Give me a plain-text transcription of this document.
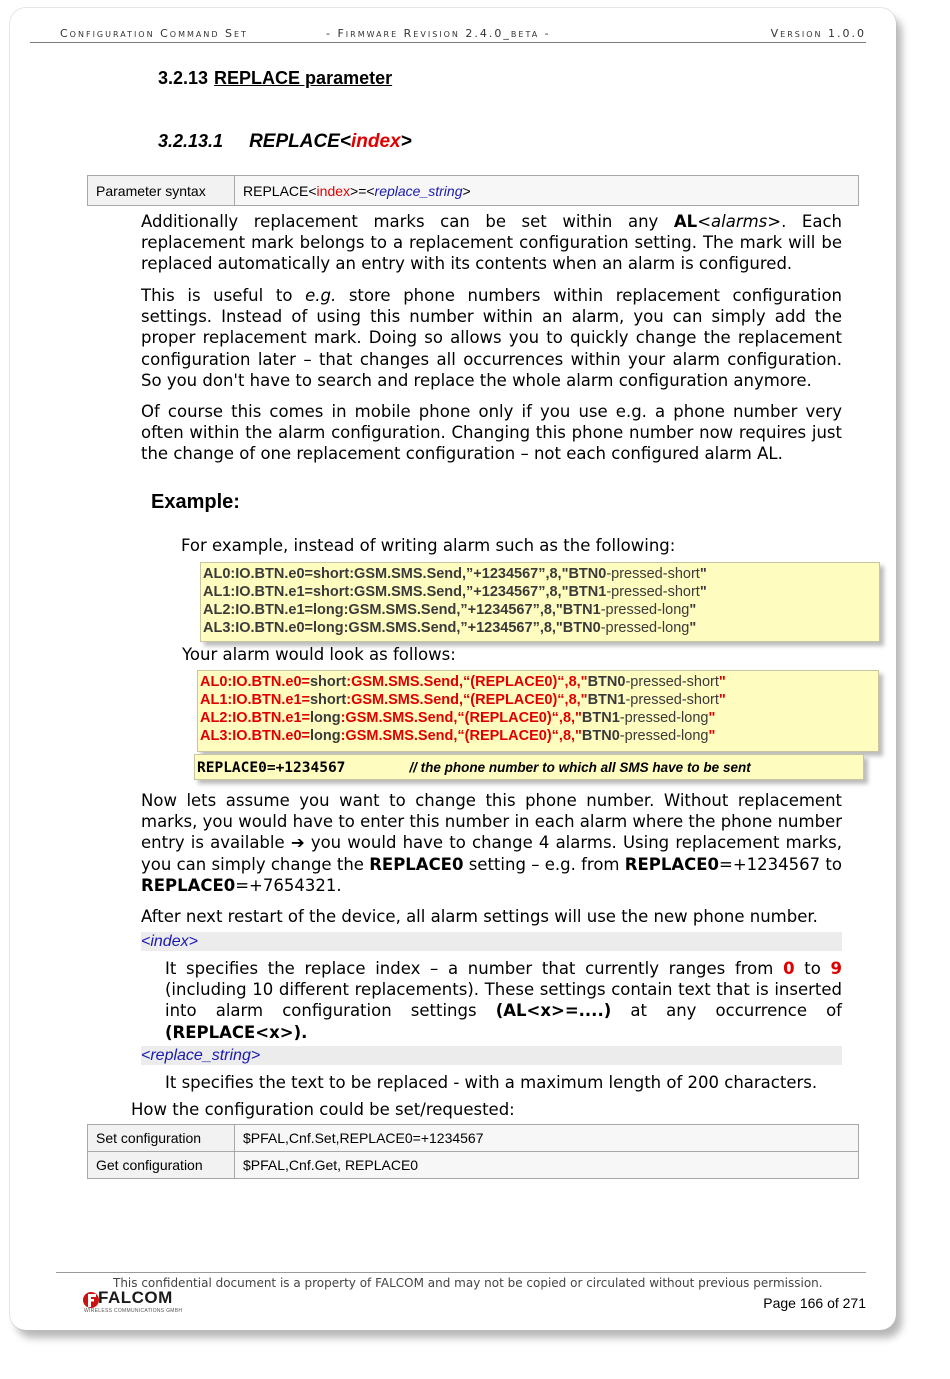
Configuration Command Set	- Firmware Revision 2.4.0_beta -	Version 1.0.0
3.2.13 REPLACE parameter
3.2.13.1 REPLACE<index>
Parameter syntax	REPLACE<index>=<replace_string>
Additionally replacement marks can be set within any AL<alarms>. Each replacement mark belongs to a replacement configuration setting. The mark will be replaced automatically an entry with its contents when an alarm is configured.
This is useful to e.g. store phone numbers within replacement configuration settings. Instead of using this number within an alarm, you can simply add the proper replacement mark. Doing so allows you to quickly change the replacement configuration later – that changes all occurrences within your alarm configuration. So you don't have to search and replace the whole alarm configuration anymore.
Of course this comes in mobile phone only if you use e.g. a phone number very often within the alarm configuration. Changing this phone number now requires just the change of one replacement configuration – not each configured alarm AL.
Example:
For example, instead of writing alarm such as the following:
AL0:IO.BTN.e0=short:GSM.SMS.Send,”+1234567”,8,"BTN0-pressed-short"
AL1:IO.BTN.e1=short:GSM.SMS.Send,”+1234567”,8,"BTN1-pressed-short"
AL2:IO.BTN.e1=long:GSM.SMS.Send,”+1234567”,8,"BTN1-pressed-long"
AL3:IO.BTN.e0=long:GSM.SMS.Send,”+1234567”,8,"BTN0-pressed-long"
Your alarm would look as follows:
AL0:IO.BTN.e0=short:GSM.SMS.Send,“(REPLACE0)“,8,"BTN0-pressed-short"
AL1:IO.BTN.e1=short:GSM.SMS.Send,“(REPLACE0)“,8,"BTN1-pressed-short"
AL2:IO.BTN.e1=long:GSM.SMS.Send,“(REPLACE0)“,8,"BTN1-pressed-long"
AL3:IO.BTN.e0=long:GSM.SMS.Send,“(REPLACE0)“,8,"BTN0-pressed-long"
REPLACE0=+1234567	// the phone number to which all SMS have to be sent
Now lets assume you want to change this phone number. Without replacement marks, you would have to enter this number in each alarm where the phone number entry is available ➔ you would have to change 4 alarms. Using replacement marks, you can simply change the REPLACE0 setting – e.g. from REPLACE0=+1234567 to REPLACE0=+7654321.
After next restart of the device, all alarm settings will use the new phone number.
<index>
It specifies the replace index – a number that currently ranges from 0 to 9 (including 10 different replacements). These settings contain text that is inserted into alarm configuration settings (AL<x>=....) at any occurrence of (REPLACE<x>).
<replace_string>
It specifies the text to be replaced - with a maximum length of 200 characters.
How the configuration could be set/requested:
Set configuration	$PFAL,Cnf.Set,REPLACE0=+1234567
Get configuration	$PFAL,Cnf.Get, REPLACE0
This confidential document is a property of FALCOM and may not be copied or circulated without previous permission.
FALCOM
WIRELESS COMMUNICATIONS GMBH	Page 166 of 271
